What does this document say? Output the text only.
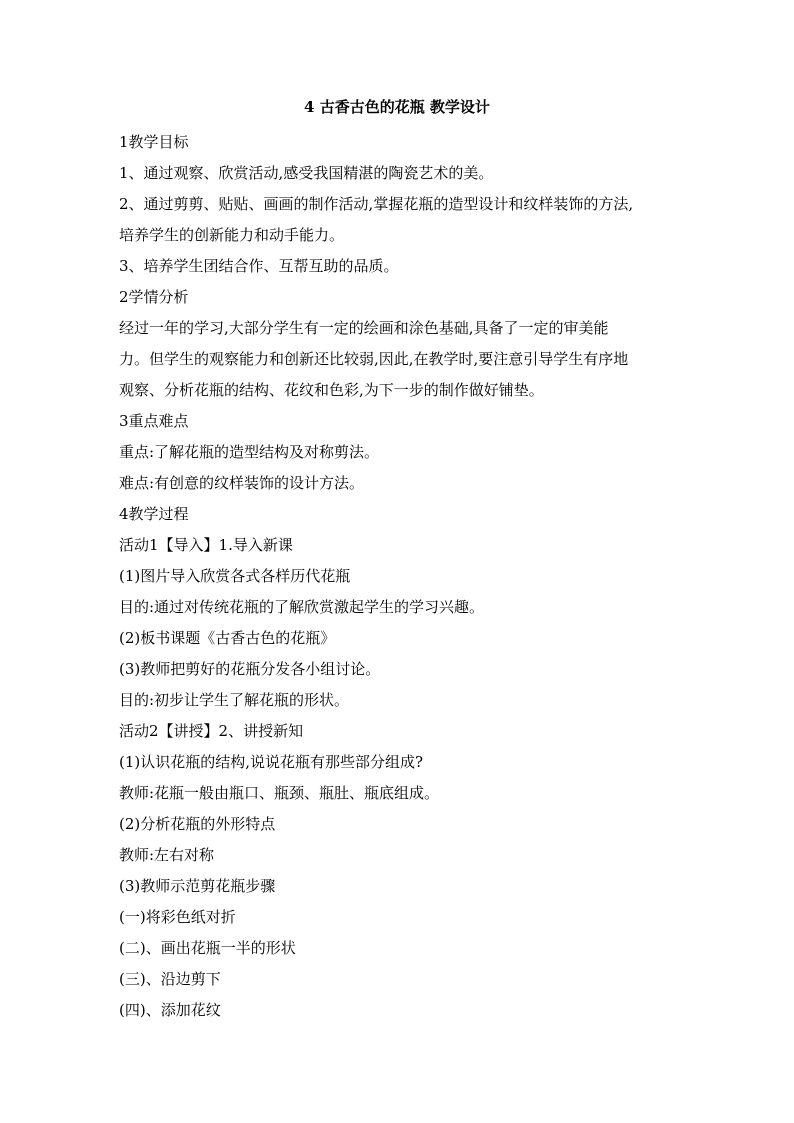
4 古香古色的花瓶 教学设计
1教学目标
1、通过观察、欣赏活动,感受我国精湛的陶瓷艺术的美。
2、通过剪剪、贴贴、画画的制作活动,掌握花瓶的造型设计和纹样装饰的方法,
培养学生的创新能力和动手能力。
3、培养学生团结合作、互帮互助的品质。
2学情分析
经过一年的学习,大部分学生有一定的绘画和涂色基础,具备了一定的审美能
力。但学生的观察能力和创新还比较弱,因此,在教学时,要注意引导学生有序地
观察、分析花瓶的结构、花纹和色彩,为下一步的制作做好铺垫。
3重点难点
重点:了解花瓶的造型结构及对称剪法。
难点:有创意的纹样装饰的设计方法。
4教学过程
活动1【导入】1.导入新课
(1)图片导入欣赏各式各样历代花瓶
目的:通过对传统花瓶的了解欣赏激起学生的学习兴趣。
(2)板书课题《古香古色的花瓶》
(3)教师把剪好的花瓶分发各小组讨论。
目的:初步让学生了解花瓶的形状。
活动2【讲授】2、讲授新知
(1)认识花瓶的结构,说说花瓶有那些部分组成?
教师:花瓶一般由瓶口、瓶颈、瓶肚、瓶底组成。
(2)分析花瓶的外形特点
教师:左右对称
(3)教师示范剪花瓶步骤
(一)将彩色纸对折
(二)、画出花瓶一半的形状
(三)、沿边剪下
(四)、添加花纹
